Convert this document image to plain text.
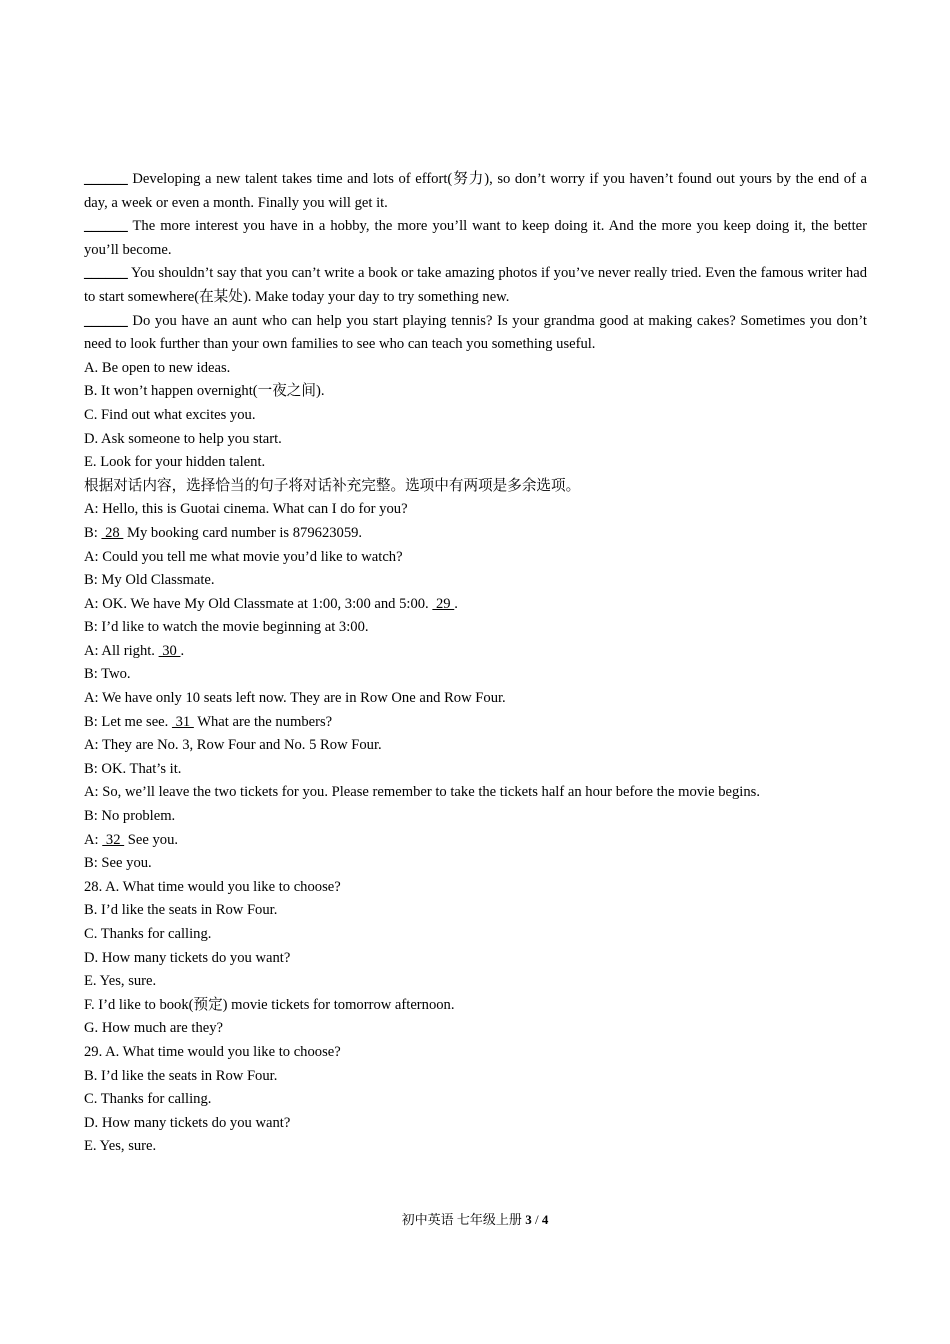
______ Developing a new talent takes time and lots of effort(努力), so don’t worry if you haven’t found out yours by the end of a day, a week or even a month. Finally you will get it.

______ The more interest you have in a hobby, the more you’ll want to keep doing it. And the more you keep doing it, the better you’ll become.

______ You shouldn’t say that you can’t write a book or take amazing photos if you’ve never really tried. Even the famous writer had to start somewhere(在某处). Make today your day to try something new.

______ Do you have an aunt who can help you start playing tennis? Is your grandma good at making cakes? Sometimes you don’t need to look further than your own families to see who can teach you something useful.

A. Be open to new ideas.

B. It won’t happen overnight(一夜之间).

C. Find out what excites you.

D. Ask someone to help you start.

E. Look for your hidden talent.

根据对话内容，选择恰当的句子将对话补充完整。选项中有两项是多余选项。

A: Hello, this is Guotai cinema. What can I do for you?

B:  28  My booking card number is 879623059.

A: Could you tell me what movie you’d like to watch?

B: My Old Classmate.

A: OK. We have My Old Classmate at 1:00, 3:00 and 5:00.  29 .

B: I’d like to watch the movie beginning at 3:00.

A: All right.  30 .

B: Two.

A: We have only 10 seats left now. They are in Row One and Row Four.

B: Let me see.  31  What are the numbers?

A: They are No. 3, Row Four and No. 5 Row Four.

B: OK. That’s it.

A: So, we’ll leave the two tickets for you. Please remember to take the tickets half an hour before the movie begins.

B: No problem.

A:  32  See you.

B: See you.

28. A. What time would you like to choose?

B. I’d like the seats in Row Four.

C. Thanks for calling.

D. How many tickets do you want?

E. Yes, sure.

F. I’d like to book(预定) movie tickets for tomorrow afternoon.

G. How much are they?

29. A. What time would you like to choose?

B. I’d like the seats in Row Four.

C. Thanks for calling.

D. How many tickets do you want?

E. Yes, sure.

初中英语 七年级上册 3 / 4
